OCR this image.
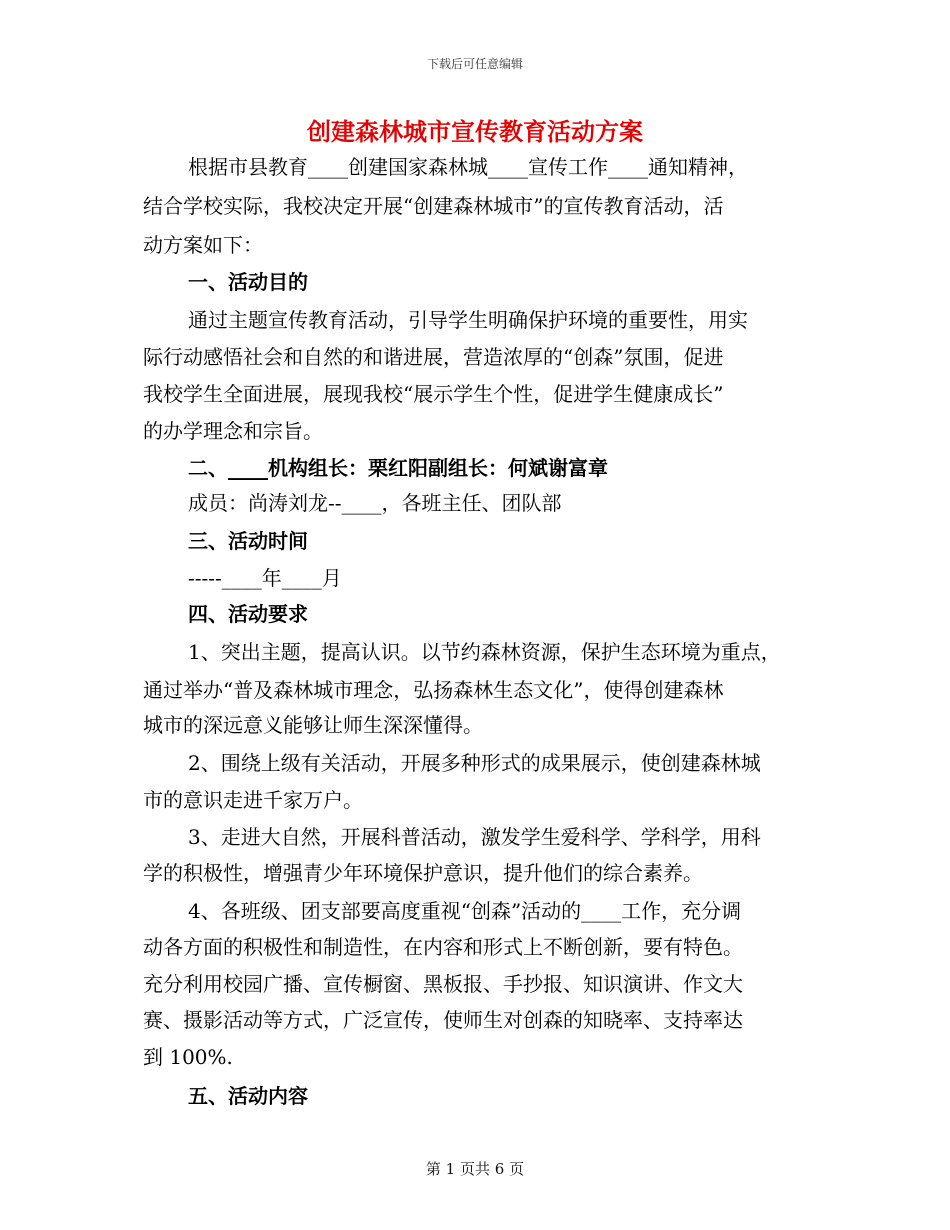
下载后可任意编辑
创建森林城市宣传教育活动方案
根据市县教育____创建国家森林城____宣传工作____通知精神，
结合学校实际，我校决定开展“创建森林城市”的宣传教育活动，活
动方案如下：
一、活动目的
通过主题宣传教育活动，引导学生明确保护环境的重要性，用实
际行动感悟社会和自然的和谐进展，营造浓厚的“创森”氛围，促进
我校学生全面进展，展现我校“展示学生个性，促进学生健康成长”
的办学理念和宗旨。
二、____机构组长：栗红阳副组长：何斌谢富章
成员：尚涛刘龙--____，各班主任、团队部
三、活动时间
-----____年____月
四、活动要求
1、突出主题，提高认识。以节约森林资源，保护生态环境为重点，
通过举办“普及森林城市理念，弘扬森林生态文化”，使得创建森林
城市的深远意义能够让师生深深懂得。
2、围绕上级有关活动，开展多种形式的成果展示，使创建森林城
市的意识走进千家万户。
3、走进大自然，开展科普活动，激发学生爱科学、学科学，用科
学的积极性，增强青少年环境保护意识，提升他们的综合素养。
4、各班级、团支部要高度重视“创森”活动的____工作，充分调
动各方面的积极性和制造性，在内容和形式上不断创新，要有特色。
充分利用校园广播、宣传橱窗、黑板报、手抄报、知识演讲、作文大
赛、摄影活动等方式，广泛宣传，使师生对创森的知晓率、支持率达
到 100%.
五、活动内容
第 1 页共 6 页
